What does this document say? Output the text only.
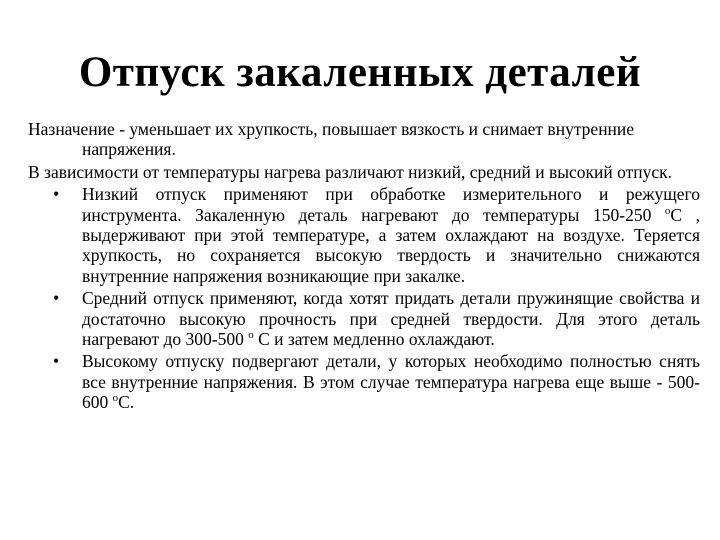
Отпуск закаленных деталей

Назначение - уменьшает их хрупкость, повышает вязкость и снимает внутренние напряжения.

В зависимости от температуры нагрева различают низкий, средний и высокий отпуск.

• Низкий отпуск применяют при обработке измерительного и режущего инструмента. Закаленную деталь нагревают до температуры 150-250 $^о$С , выдерживают при этой температуре, а затем охлаждают на воздухе. Теряется хрупкость, но сохраняется высокую твердость и значительно снижаются внутренние напряжения возникающие при закалке.
• Средний отпуск применяют, когда хотят придать детали пружинящие свойства и достаточно высокую прочность при средней твердости. Для этого деталь нагревают до 300-500 $^о$ С и затем медленно охлаждают.
• Высокому отпуску подвергают детали, у которых необходимо полностью снять все внутренние напряжения. В этом случае температура нагрева еще выше - 500-600 $^о$С.
